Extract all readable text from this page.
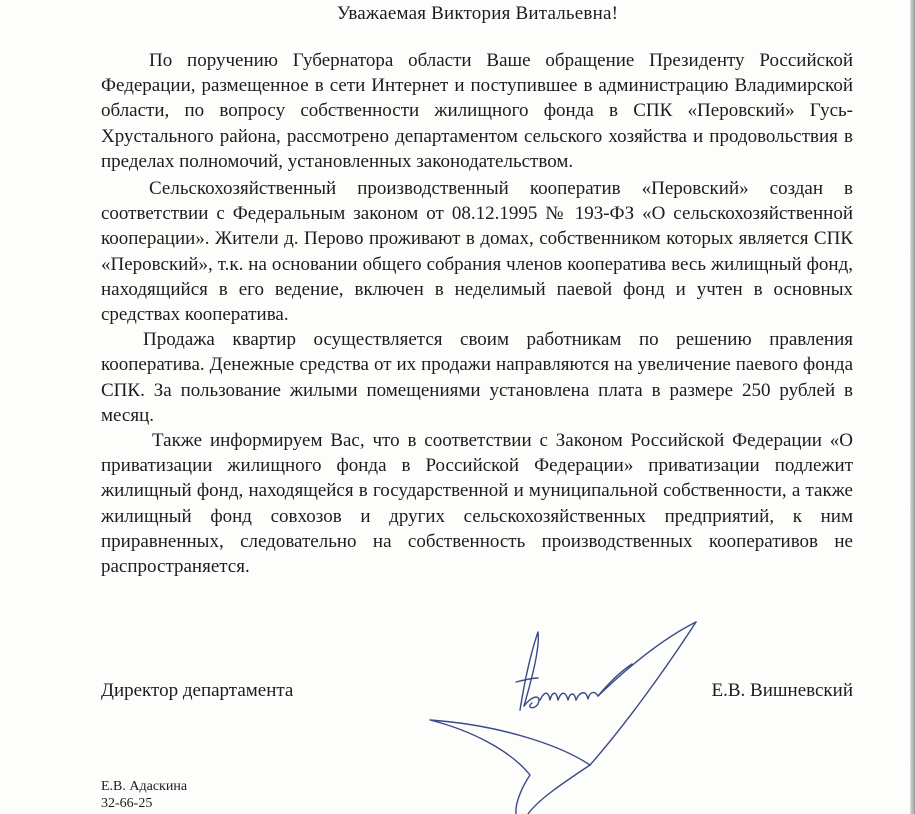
Уважаемая Виктория Витальевна!

По поручению Губернатора области Ваше обращение Президенту Российской Федерации, размещенное в сети Интернет и поступившее в администрацию Владимирской области, по вопросу собственности жилищного фонда в СПК «Перовский» Гусь-Хрустального района, рассмотрено департаментом сельского хозяйства и продовольствия в пределах полномочий, установленных законодательством.

Сельскохозяйственный производственный кооператив «Перовский» создан в соответствии с Федеральным законом от 08.12.1995 № 193-ФЗ «О сельскохозяйственной кооперации». Жители д. Перово проживают в домах, собственником которых является СПК «Перовский», т.к. на основании общего собрания членов кооператива весь жилищный фонд, находящийся в его ведение, включен в неделимый паевой фонд и учтен в основных средствах кооператива.

Продажа квартир осуществляется своим работникам по решению правления кооператива. Денежные средства от их продажи направляются на увеличение паевого фонда СПК. За пользование жилыми помещениями установлена плата в размере 250 рублей в месяц.

Также информируем Вас, что в соответствии с Законом Российской Федерации «О приватизации жилищного фонда в Российской Федерации» приватизации подлежит жилищный фонд, находящейся в государственной и муниципальной собственности, а также жилищный фонд совхозов и других сельскохозяйственных предприятий, к ним приравненных, следовательно на собственность производственных кооперативов не распространяется.

Директор департамента	Е.В. Вишневский
Е.В. Адаскина
32-66-25
